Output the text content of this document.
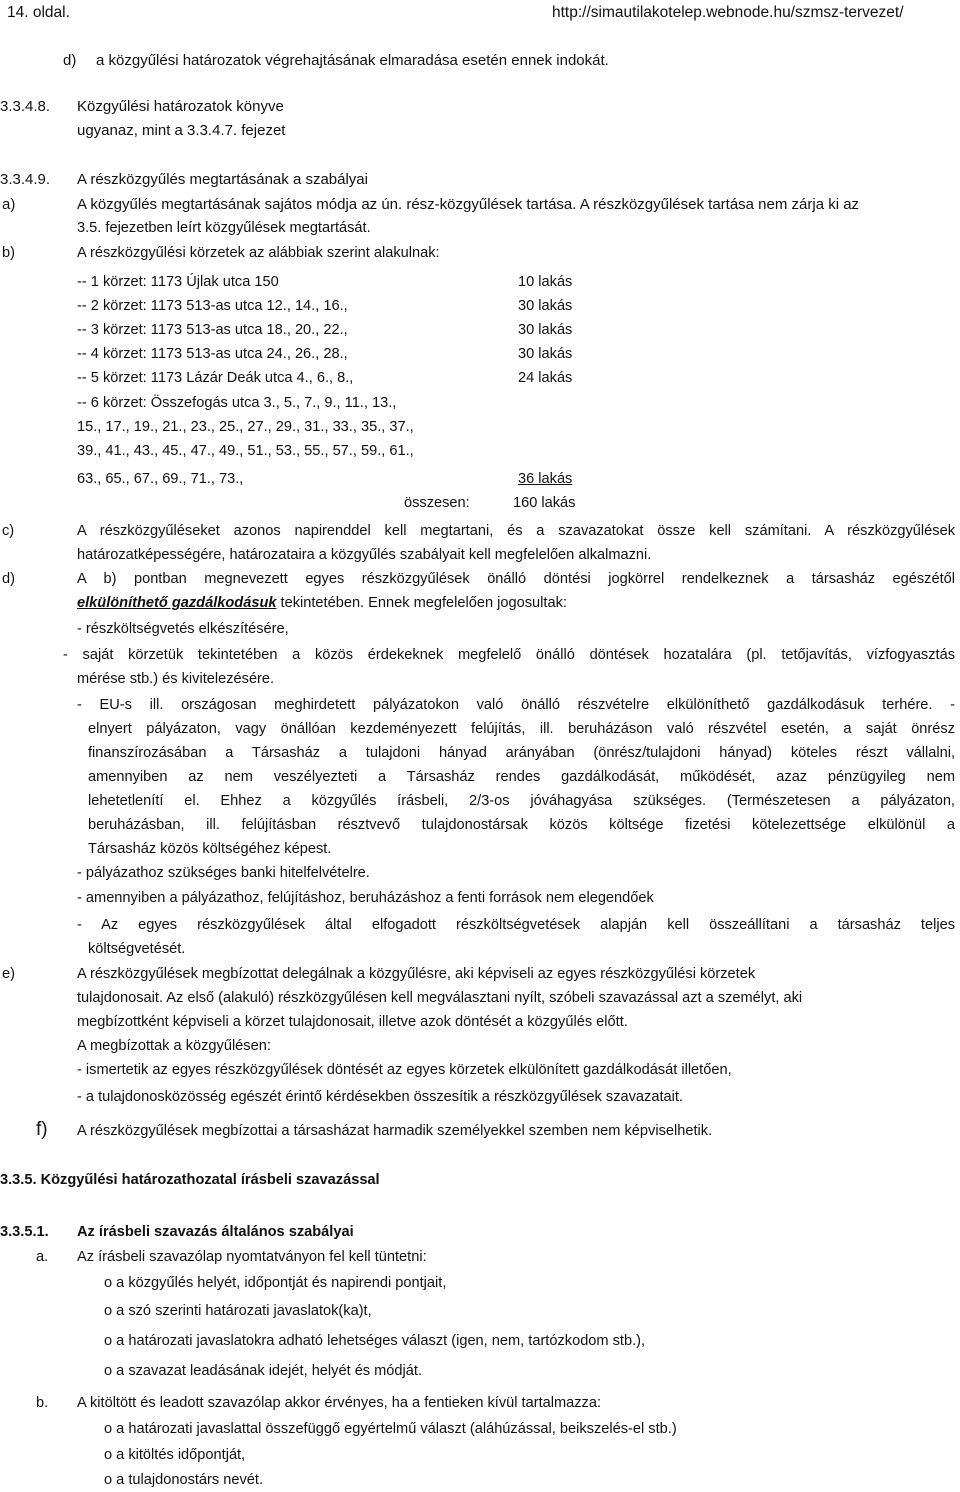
14. oldal.	http://simautilakotelep.webnode.hu/szmsz-tervezet/
d) a közgyűlési határozatok végrehajtásának elmaradása esetén ennek indokát.
3.3.4.8. Közgyűlési határozatok könyve
ugyanaz, mint a 3.3.4.7. fejezet
3.3.4.9. A részközgyűlés megtartásának a szabályai
a)	A közgyűlés megtartásának sajátos módja az ún. rész-közgyűlések tartása. A részközgyűlések tartása nem zárja ki az
3.5. fejezetben leírt közgyűlések megtartását.
b)	A részközgyűlési körzetek az alábbiak szerint alakulnak:
-- 1 körzet: 1173 Újlak utca 150	10 lakás
-- 2 körzet: 1173 513-as utca 12., 14., 16.,	30 lakás
-- 3 körzet: 1173 513-as utca 18., 20., 22.,	30 lakás
-- 4 körzet: 1173 513-as utca 24., 26., 28.,	30 lakás
-- 5 körzet: 1173 Lázár Deák utca 4., 6., 8.,	24 lakás
-- 6 körzet: Összefogás utca 3., 5., 7., 9., 11., 13.,
15., 17., 19., 21., 23., 25., 27., 29., 31., 33., 35., 37.,
39., 41., 43., 45., 47., 49., 51., 53., 55., 57., 59., 61.,
63., 65., 67., 69., 71., 73.,	36 lakás
összesen:	160 lakás
c)	A részközgyűléseket azonos napirenddel kell megtartani, és a szavazatokat össze kell számítani. A részközgyűlések
határozatképességére, határozataira a közgyűlés szabályait kell megfelelően alkalmazni.
d)	A b) pontban megnevezett egyes részközgyűlések önálló döntési jogkörrel rendelkeznek a társasház egészétől
elkülöníthető gazdálkodásuk tekintetében. Ennek megfelelően jogosultak:
- részköltségvetés elkészítésére,
- saját körzetük tekintetében a közös érdekeknek megfelelő önálló döntések hozatalára (pl. tetőjavítás, vízfogyasztás
mérése stb.) és kivitelezésére.
- EU-s ill. országosan meghirdetett pályázatokon való önálló részvételre elkülöníthető gazdálkodásuk terhére. -
elnyert pályázaton, vagy önállóan kezdeményezett felújítás, ill. beruházáson való részvétel esetén, a saját önrész
finanszírozásában a Társasház a tulajdoni hányad arányában (önrész/tulajdoni hányad) köteles részt vállalni,
amennyiben az nem veszélyezteti a Társasház rendes gazdálkodását, működését, azaz pénzügyileg nem
lehetetlenítí el. Ehhez a közgyűlés írásbeli, 2/3-os jóváhagyása szükséges. (Természetesen a pályázaton,
beruházásban, ill. felújításban résztvevő tulajdonostársak közös költsége fizetési kötelezettsége elkülönül a
Társasház közös költségéhez képest.
- pályázathoz szükséges banki hitelfelvételre.
- amennyiben a pályázathoz, felújításhoz, beruházáshoz a fenti források nem elegendőek
- Az egyes részközgyűlések által elfogadott részköltségvetések alapján kell összeállítani a társasház teljes
költségvetését.
e)	A részközgyűlések megbízottat delegálnak a közgyűlésre, aki képviseli az egyes részközgyűlési körzetek
tulajdonosait. Az első (alakuló) részközgyűlésen kell megválasztani nyílt, szóbeli szavazással azt a személyt, aki
megbízottként képviseli a körzet tulajdonosait, illetve azok döntését a közgyűlés előtt.
A megbízottak a közgyűlésen:
- ismertetik az egyes részközgyűlések döntését az egyes körzetek elkülönített gazdálkodását illetően,
- a tulajdonosközösség egészét érintő kérdésekben összesítik a részközgyűlések szavazatait.
f) A részközgyűlések megbízottai a társasházat harmadik személyekkel szemben nem képviselhetik.
3.3.5. Közgyűlési határozathozatal írásbeli szavazással
3.3.5.1. Az írásbeli szavazás általános szabályai
a. Az írásbeli szavazólap nyomtatványon fel kell tüntetni:
o a közgyűlés helyét, időpontját és napirendi pontjait,
o a szó szerinti határozati javaslatok(ka)t,
o a határozati javaslatokra adható lehetséges választ (igen, nem, tartózkodom stb.),
o a szavazat leadásának idejét, helyét és módját.
b. A kitöltött és leadott szavazólap akkor érvényes, ha a fentieken kívül tartalmazza:
o a határozati javaslattal összefüggő egyértelmű választ (aláhúzással, beikszelés-el stb.)
o a kitöltés időpontját,
o a tulajdonostárs nevét.
